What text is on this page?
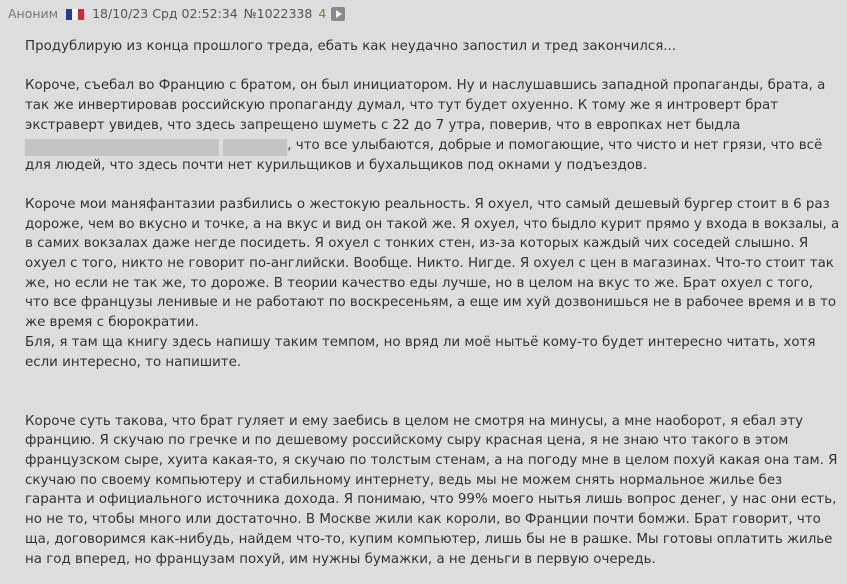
Аноним	18/10/23 Срд 02:52:34 №1022338 4

Продублирую из конца прошлого треда, ебать как неудачно запостил и тред закончился...

Короче, съебал во Францию с братом, он был инициатором. Ну и наслушавшись западной пропаганды, брата, а так же инвертировав российскую пропаганду думал, что тут будет охуенно. К тому же я интроверт брат экстраверт увидев, что здесь запрещено шуметь с 22 до 7 утра, поверив, что в европках нет быдла .......................................... .............. , что все улыбаются, добрые и помогающие, что чисто и нет грязи, что всё для людей, что здесь почти нет курильщиков и бухальщиков под окнами у подъездов.

Короче мои маняфантазии разбились о жестокую реальность. Я охуел, что самый дешевый бургер стоит в 6 раз дороже, чем во вкусно и точке, а на вкус и вид он такой же. Я охуел, что быдло курит прямо у входа в вокзалы, а в самих вокзалах даже негде посидеть. Я охуел с тонких стен, из-за которых каждый чих соседей слышно. Я охуел с того, никто не говорит по-английски. Вообще. Никто. Нигде. Я охуел с цен в магазинах. Что-то стоит так же, но если не так же, то дороже. В теории качество еды лучше, но в целом на вкус то же. Брат охуел с того, что все французы ленивые и не работают по воскресеньям, а еще им хуй дозвонишься не в рабочее время и в то же время с бюрократии.

Бля, я там ща книгу здесь напишу таким темпом, но вряд ли моё нытьё кому-то будет интересно читать, хотя если интересно, то напишите.

Короче суть такова, что брат гуляет и ему заебись в целом не смотря на минусы, а мне наоборот, я ебал эту францию. Я скучаю по гречке и по дешевому российскому сыру красная цена, я не знаю что такого в этом французском сыре, хуита какая-то, я скучаю по толстым стенам, а на погоду мне в целом похуй какая она там. Я скучаю по своему компьютеру и стабильному интернету, ведь мы не можем снять нормальное жилье без гаранта и официального источника дохода. Я понимаю, что 99% моего нытья лишь вопрос денег, у нас они есть, но не то, чтобы много или достаточно. В Москве жили как короли, во Франции почти бомжи. Брат говорит, что ща, договоримся как-нибудь, найдем что-то, купим компьютер, лишь бы не в рашке. Мы готовы оплатить жилье на год вперед, но французам похуй, им нужны бумажки, а не деньги в первую очередь.
